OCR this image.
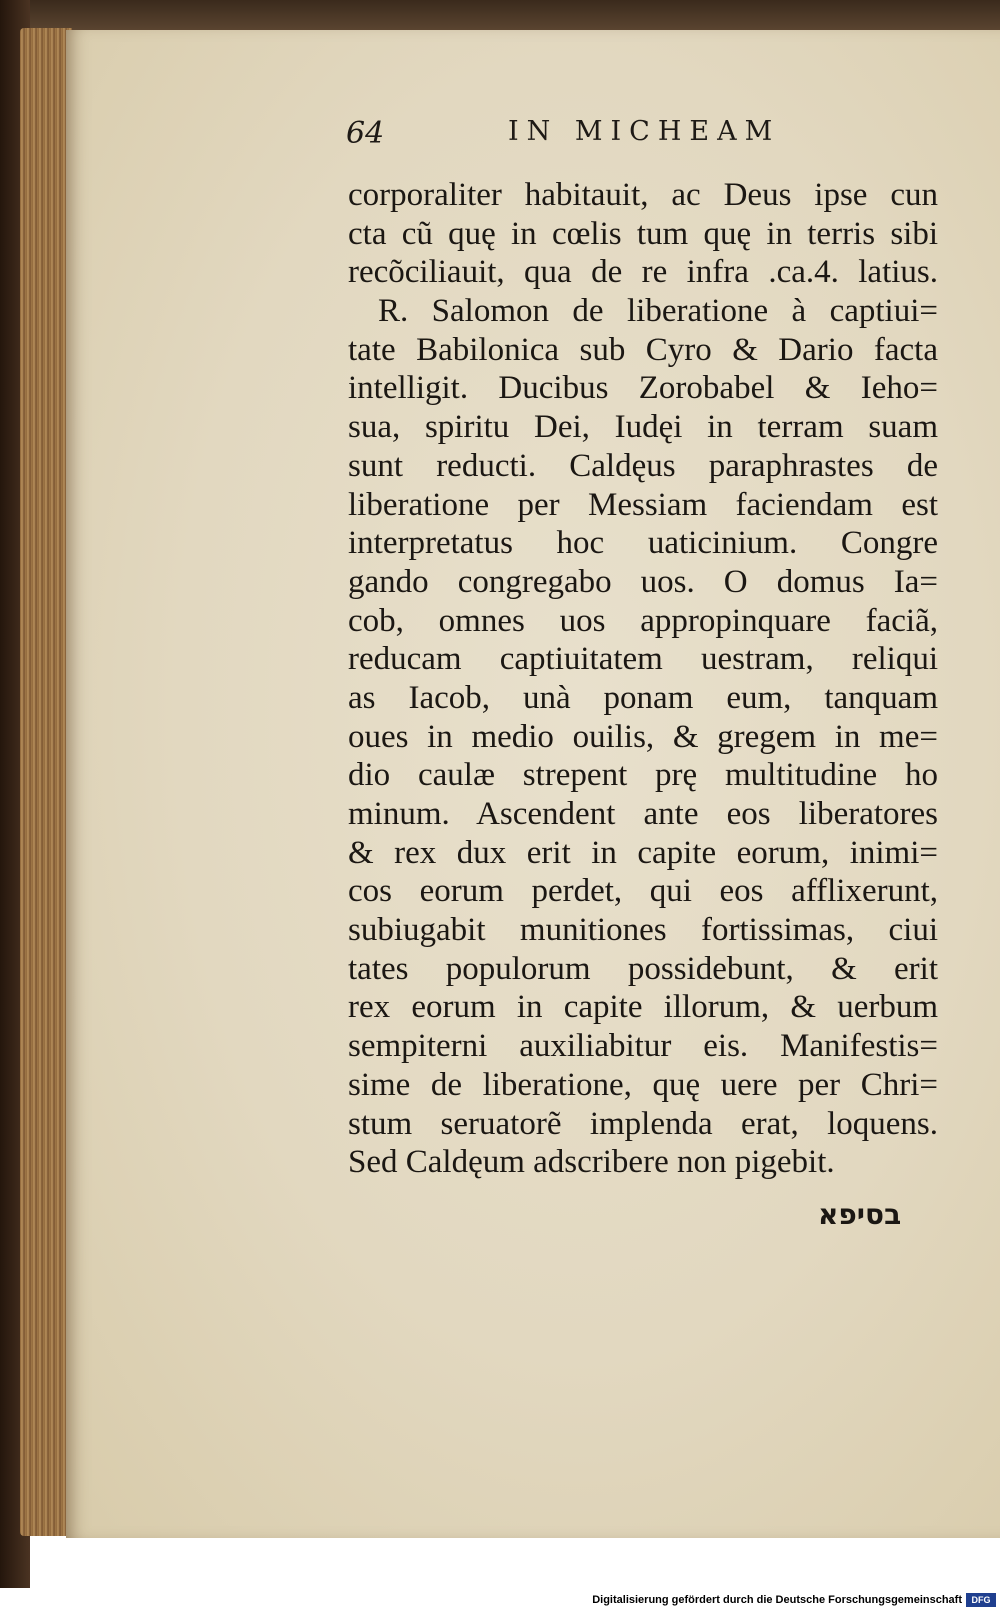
64	IN MICHEAM
corporaliter habitauit, ac Deus ipse cun
cta cũ quę in cœlis tum quę in terris sibi
recõciliauit, qua de re infra .ca.4. latius.
R. Salomon de liberatione à captiui=
tate Babilonica sub Cyro & Dario facta
intelligit. Ducibus Zorobabel & Ieho=
sua, spiritu Dei, Iudęi in terram suam
sunt reducti. Caldęus paraphrastes de
liberatione per Messiam faciendam est
interpretatus hoc uaticinium. Congre
gando congregabo uos. O domus Ia=
cob, omnes uos appropinquare faciã,
reducam captiuitatem uestram, reliqui
as Iacob, unà ponam eum, tanquam
oues in medio ouilis, & gregem in me=
dio caulæ strepent prę multitudine ho
minum. Ascendent ante eos liberatores
& rex dux erit in capite eorum, inimi=
cos eorum perdet, qui eos afflixerunt,
subiugabit munitiones fortissimas, ciui
tates populorum possidebunt, & erit
rex eorum in capite illorum, & uerbum
sempiterni auxiliabitur eis. Manifestis=
sime de liberatione, quę uere per Chri=
stum seruatorẽ implenda erat, loquens.
Sed Caldęum adscribere non pigebit.
בסיפא
Digitalisierung gefördert durch die Deutsche Forschungsgemeinschaft	DFG
